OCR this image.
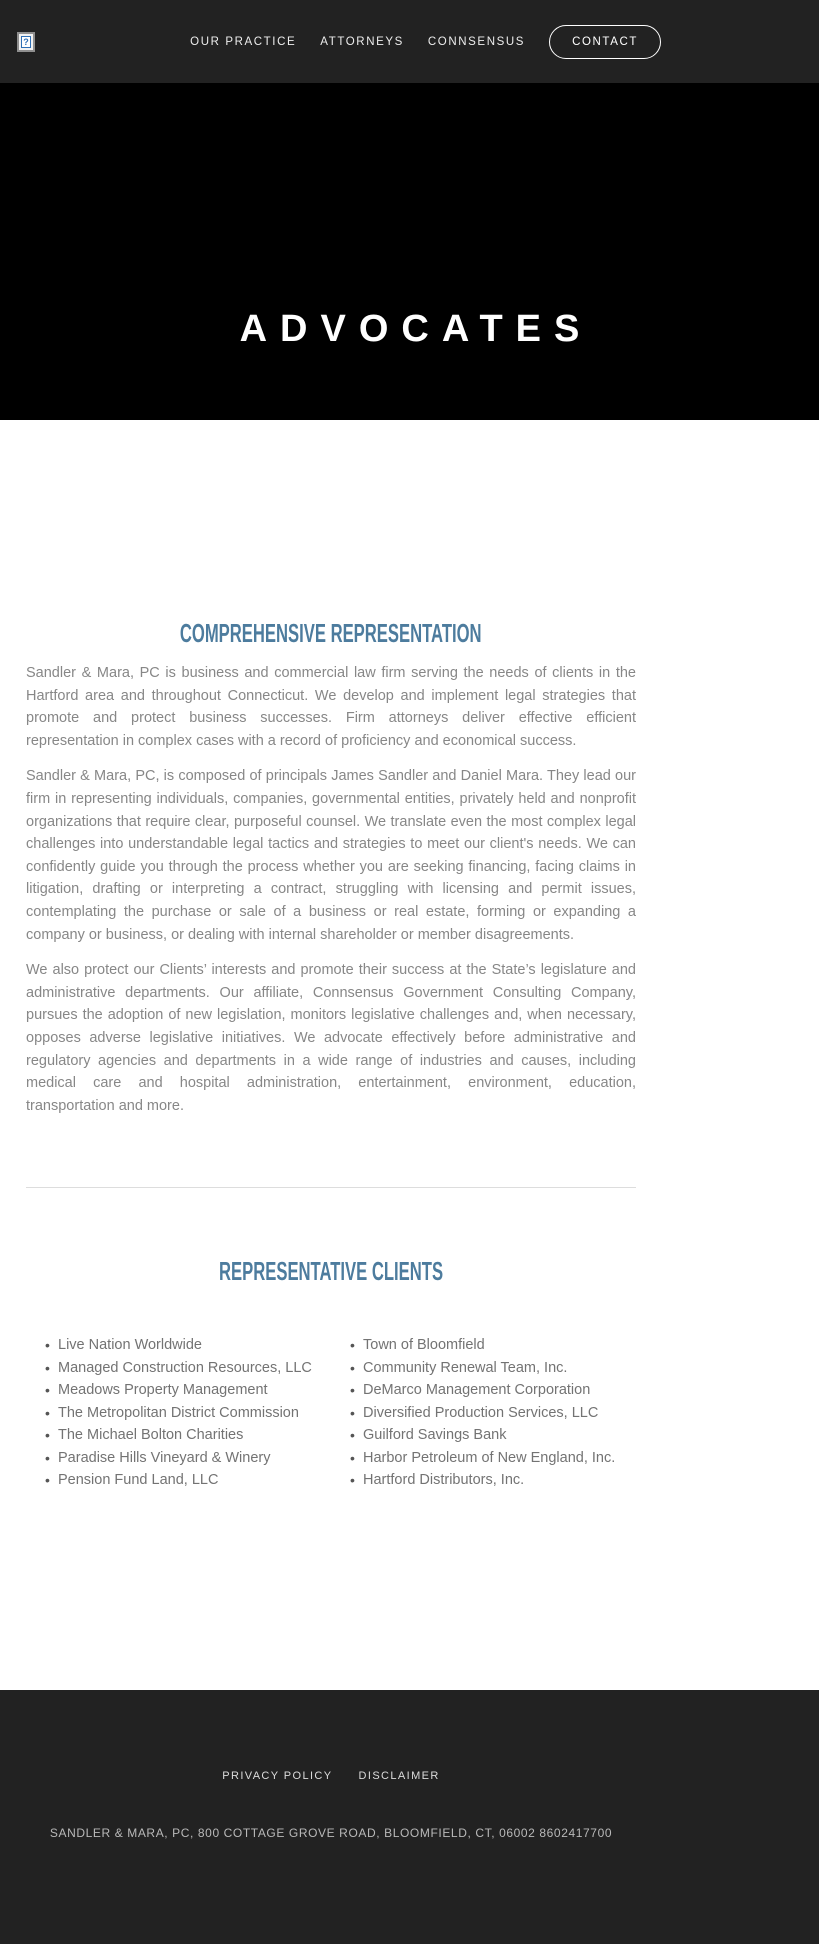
?	OUR PRACTICE ATTORNEYS CONNSENSUS	CONTACT
ADVOCATES
COMPREHENSIVE REPRESENTATION

Sandler & Mara, PC is business and commercial law firm serving the needs of clients in the Hartford area and throughout Connecticut. We develop and implement legal strategies that promote and protect business successes. Firm attorneys deliver effective efficient representation in complex cases with a record of proficiency and economical success.

Sandler & Mara, PC, is composed of principals James Sandler and Daniel Mara. They lead our firm in representing individuals, companies, governmental entities, privately held and nonprofit organizations that require clear, purposeful counsel. We translate even the most complex legal challenges into understandable legal tactics and strategies to meet our client's needs. We can confidently guide you through the process whether you are seeking financing, facing claims in litigation, drafting or interpreting a contract, struggling with licensing and permit issues, contemplating the purchase or sale of a business or real estate, forming or expanding a company or business, or dealing with internal shareholder or member disagreements.

We also protect our Clients’ interests and promote their success at the State’s legislature and administrative departments. Our affiliate, Connsensus Government Consulting Company, pursues the adoption of new legislation, monitors legislative challenges and, when necessary, opposes adverse legislative initiatives. We advocate effectively before administrative and regulatory agencies and departments in a wide range of industries and causes, including medical care and hospital administration, entertainment, environment, education, transportation and more.

REPRESENTATIVE CLIENTS
• Live Nation Worldwide
• Managed Construction Resources, LLC
• Meadows Property Management
• The Metropolitan District Commission
• The Michael Bolton Charities
• Paradise Hills Vineyard & Winery
• Pension Fund Land, LLC
• Town of Bloomfield
• Community Renewal Team, Inc.
• DeMarco Management Corporation
• Diversified Production Services, LLC
• Guilford Savings Bank
• Harbor Petroleum of New England, Inc.
• Hartford Distributors, Inc.
PRIVACY POLICY DISCLAIMER
SANDLER & MARA, PC, 800 COTTAGE GROVE ROAD, BLOOMFIELD, CT, 06002 8602417700
